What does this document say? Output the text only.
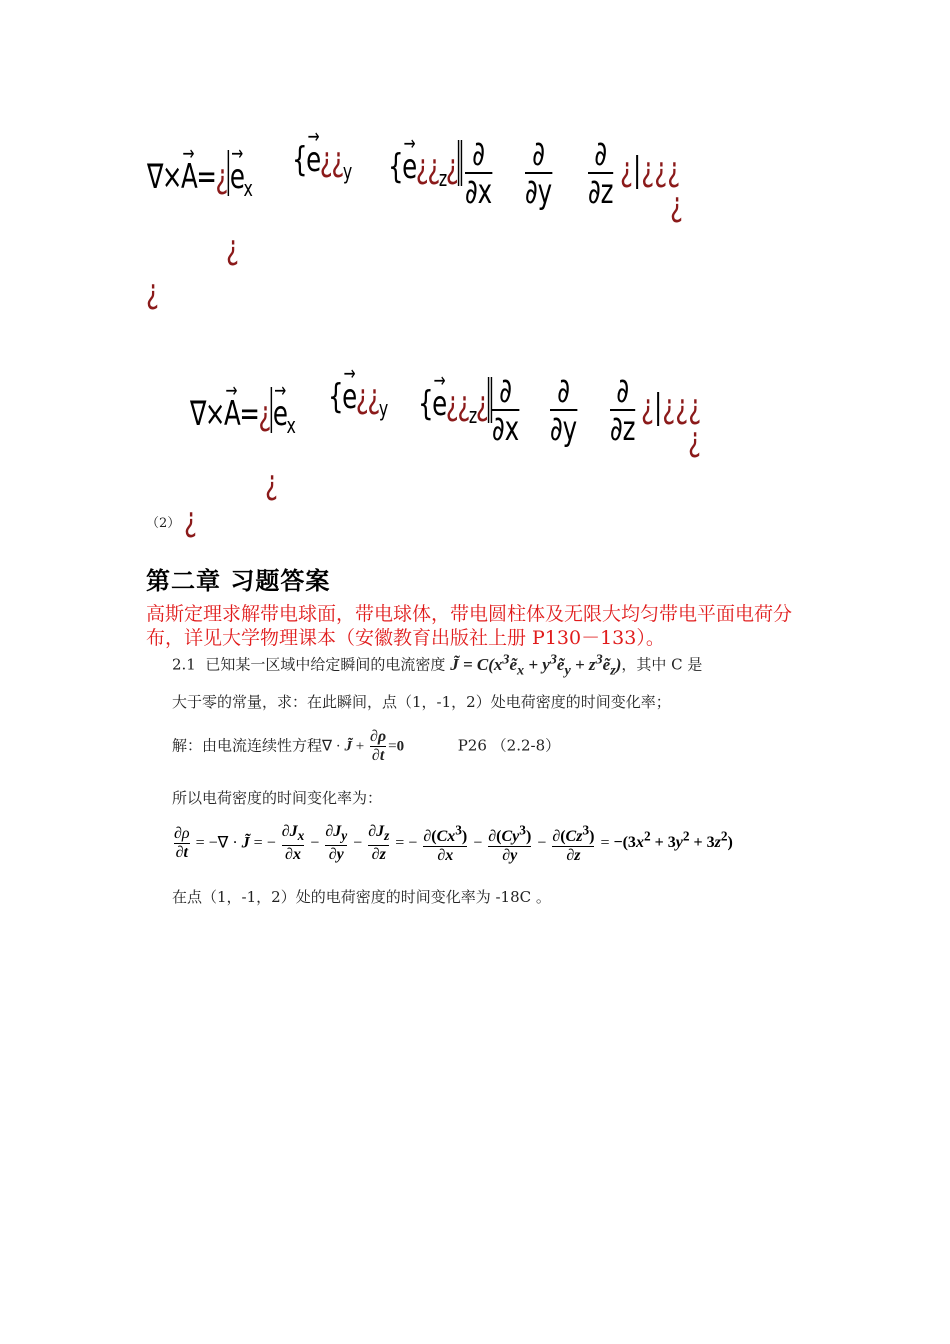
∇×→ A=¿→ $e_x$
{→ $e¿¿_y$ {→ $e¿¿_z¿$ ∂
∂x
∂
∂y
∂
∂z
¿|¿¿¿
¿
¿
¿
∇×→ A=¿→ $e_x$
{→ $e¿¿_y$ {→ $e¿¿_z¿$ ∂
∂x
∂
∂y
∂
∂z
¿|¿¿¿
¿
¿
（2） ¿
第二章 习题答案
高斯定理求解带电球面，带电球体，带电圆柱体及无限大均匀带电平面电荷分
布，详见大学物理课本（安徽教育出版社上册 P130－133）。
2.1 已知某一区域中给定瞬间的电流密度 J̃ = $C(x^3ẽ_x$ + $y^3ẽ_y$ + $z^3ẽ_z$)，其中 C 是
大于零的常量，求：在此瞬间，点（1，-1，2）处电荷密度的时间变化率；
解：由电流连续性方程∇ · J̃ + $\frac{\partial\rho}{\partial t} =0$	P26 （2.2-8）
所以电荷密度的时间变化率为：
$\frac{\partial\rho}{\partial t}$ = −∇ · J̃ = − $\frac{\partial J_x}{\partial x} - \frac{\partial J_y}{\partial y} - \frac{\partial J_z}{\partial z}$ = − $\frac{\partial(Cx^3)}{\partial x} - \frac{\partial(Cy^3)}{\partial y} - \frac{\partial(Cz^3)}{\partial z} = -(3x^2 + 3y^2 + 3z^2)$
在点（1，-1，2）处的电荷密度的时间变化率为 -18C 。
